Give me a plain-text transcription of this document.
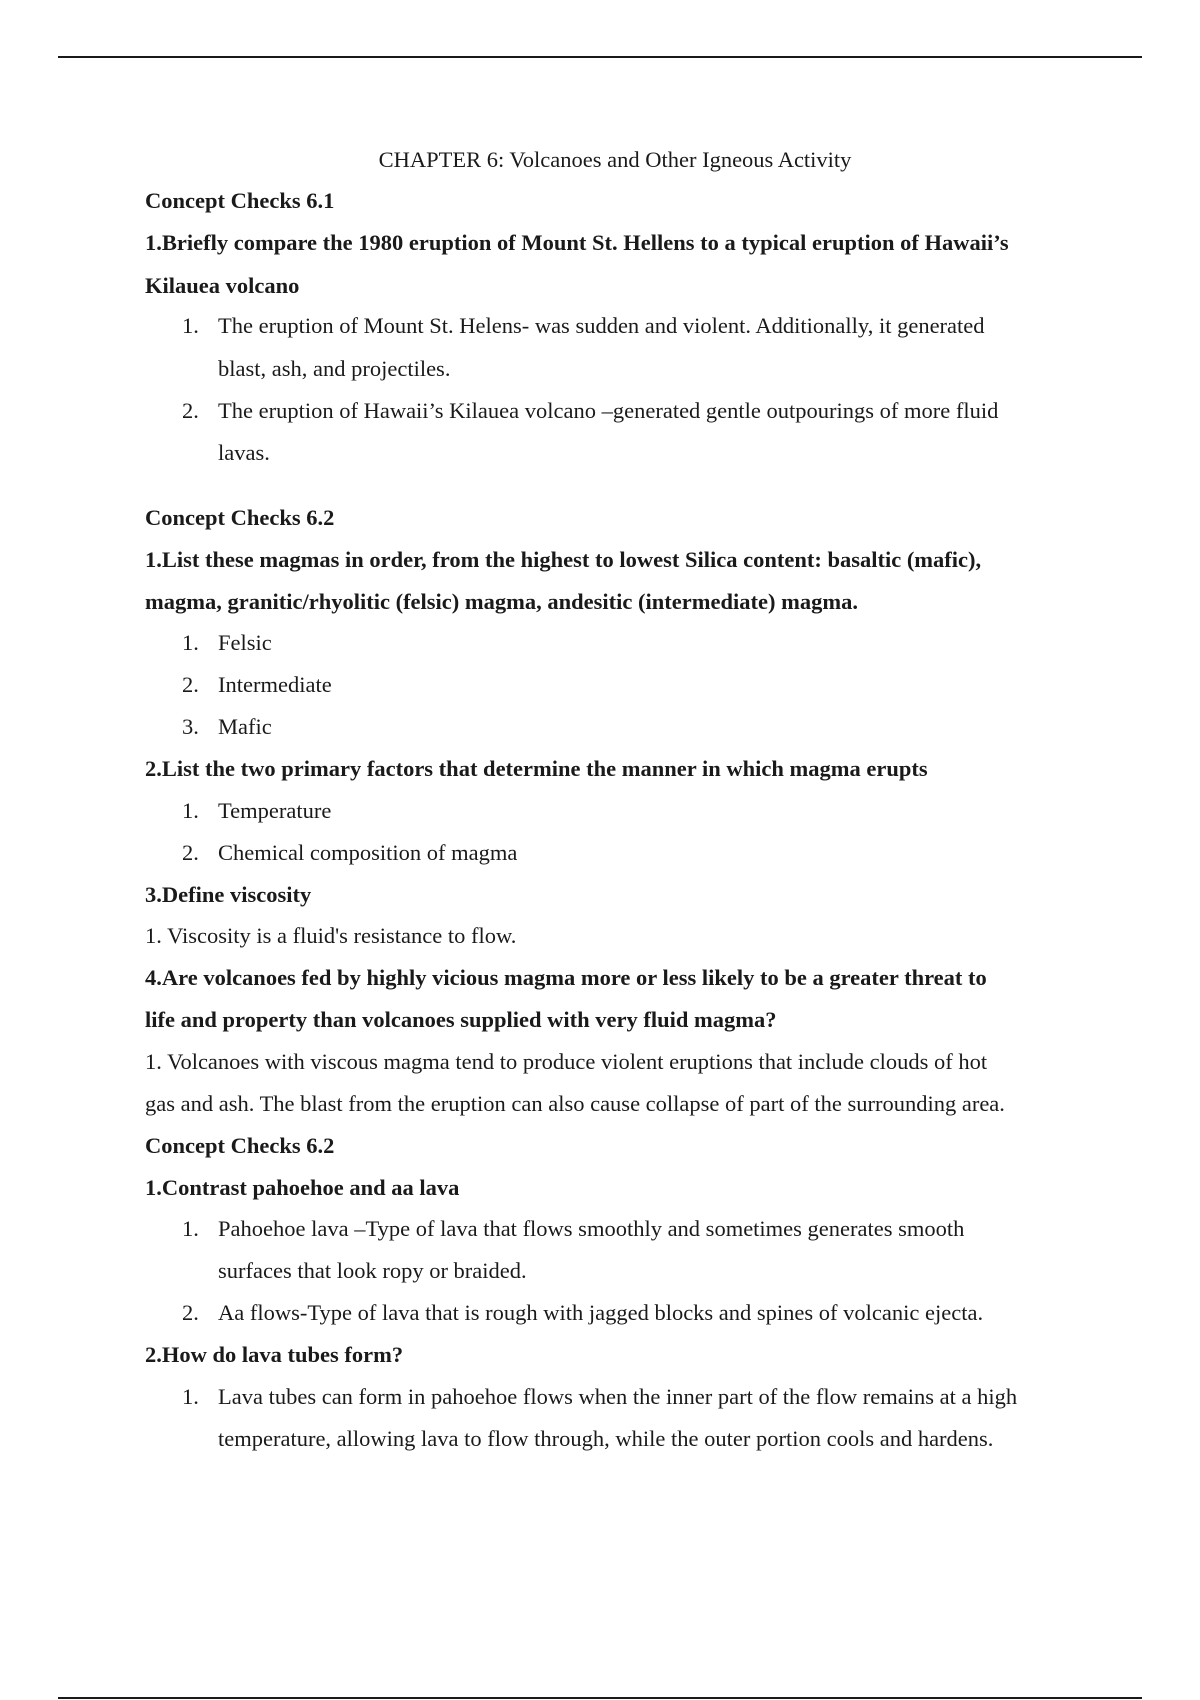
CHAPTER 6: Volcanoes and Other Igneous Activity
Concept Checks 6.1
1.Briefly compare the 1980 eruption of Mount St. Hellens to a typical eruption of Hawaii’s
Kilauea volcano
1. The eruption of Mount St. Helens- was sudden and violent. Additionally, it generated
blast, ash, and projectiles.
2. The eruption of Hawaii’s Kilauea volcano –generated gentle outpourings of more fluid
lavas.
Concept Checks 6.2
1.List these magmas in order, from the highest to lowest Silica content: basaltic (mafic),
magma, granitic/rhyolitic (felsic) magma, andesitic (intermediate) magma.
1. Felsic
2. Intermediate
3. Mafic
2.List the two primary factors that determine the manner in which magma erupts
1. Temperature
2. Chemical composition of magma
3.Define viscosity
1. Viscosity is a fluid's resistance to flow.
4.Are volcanoes fed by highly vicious magma more or less likely to be a greater threat to
life and property than volcanoes supplied with very fluid magma?
1. Volcanoes with viscous magma tend to produce violent eruptions that include clouds of hot
gas and ash. The blast from the eruption can also cause collapse of part of the surrounding area.
Concept Checks 6.2
1.Contrast pahoehoe and aa lava
1. Pahoehoe lava –Type of lava that flows smoothly and sometimes generates smooth
surfaces that look ropy or braided.
2. Aa flows-Type of lava that is rough with jagged blocks and spines of volcanic ejecta.
2.How do lava tubes form?
1. Lava tubes can form in pahoehoe flows when the inner part of the flow remains at a high
temperature, allowing lava to flow through, while the outer portion cools and hardens.
